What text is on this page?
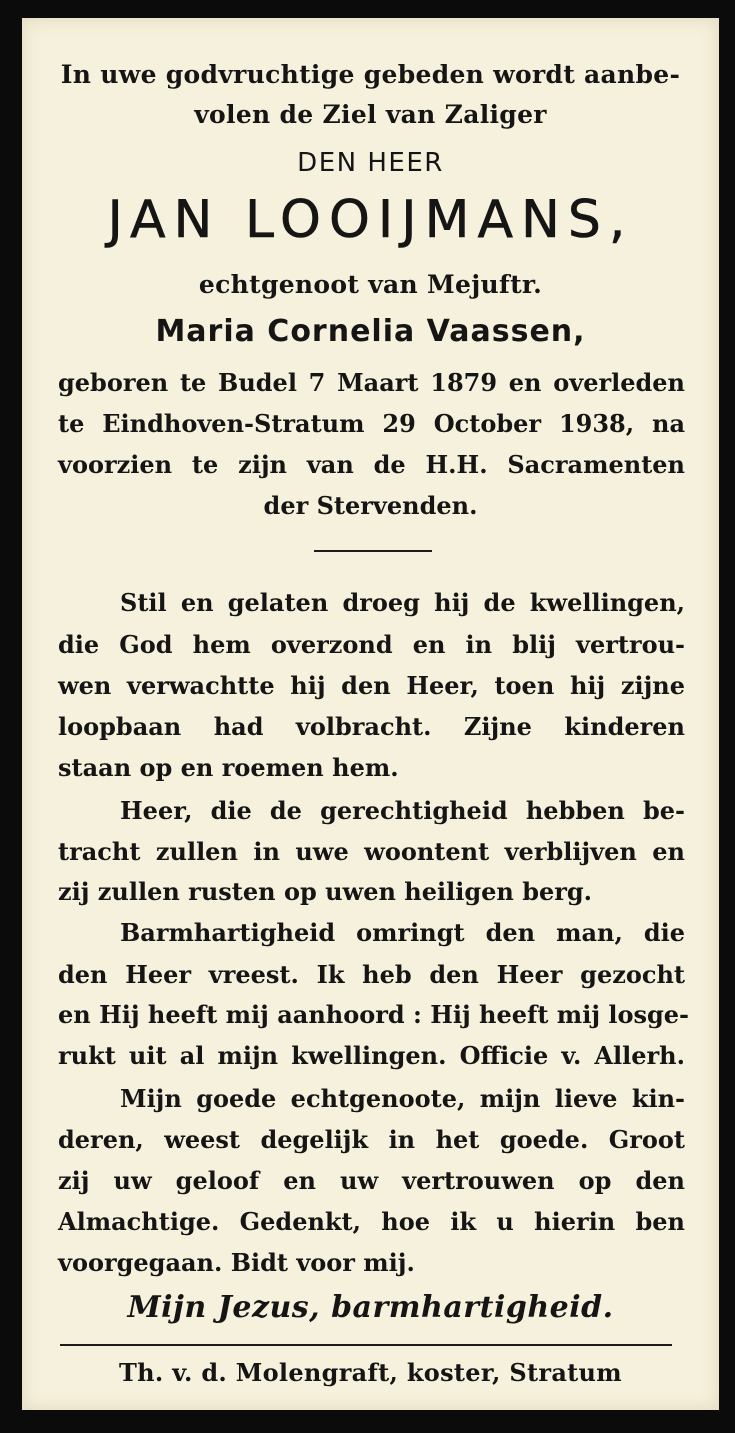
In uwe godvruchtige gebeden wordt aanbe-
volen de Ziel van Zaliger
DEN HEER
JAN LOOIJMANS,
echtgenoot van Mejuftr.
Maria Cornelia Vaassen,
geboren te Budel 7 Maart 1879 en overleden
te Eindhoven-Stratum 29 October 1938, na
voorzien te zijn van de H.H. Sacramenten
der Stervenden.
Stil en gelaten droeg hij de kwellingen,
die God hem overzond en in blij vertrou-
wen verwachtte hij den Heer, toen hij zijne
loopbaan had volbracht. Zijne kinderen
staan op en roemen hem.
Heer, die de gerechtigheid hebben be-
tracht zullen in uwe woontent verblijven en
zij zullen rusten op uwen heiligen berg.
Barmhartigheid omringt den man, die
den Heer vreest. Ik heb den Heer gezocht
en Hij heeft mij aanhoord : Hij heeft mij losge-
rukt uit al mijn kwellingen. Officie v. Allerh.
Mijn goede echtgenoote, mijn lieve kin-
deren, weest degelijk in het goede. Groot
zij uw geloof en uw vertrouwen op den
Almachtige. Gedenkt, hoe ik u hierin ben
voorgegaan. Bidt voor mij.
Mijn Jezus, barmhartigheid.
Th. v. d. Molengraft, koster, Stratum
